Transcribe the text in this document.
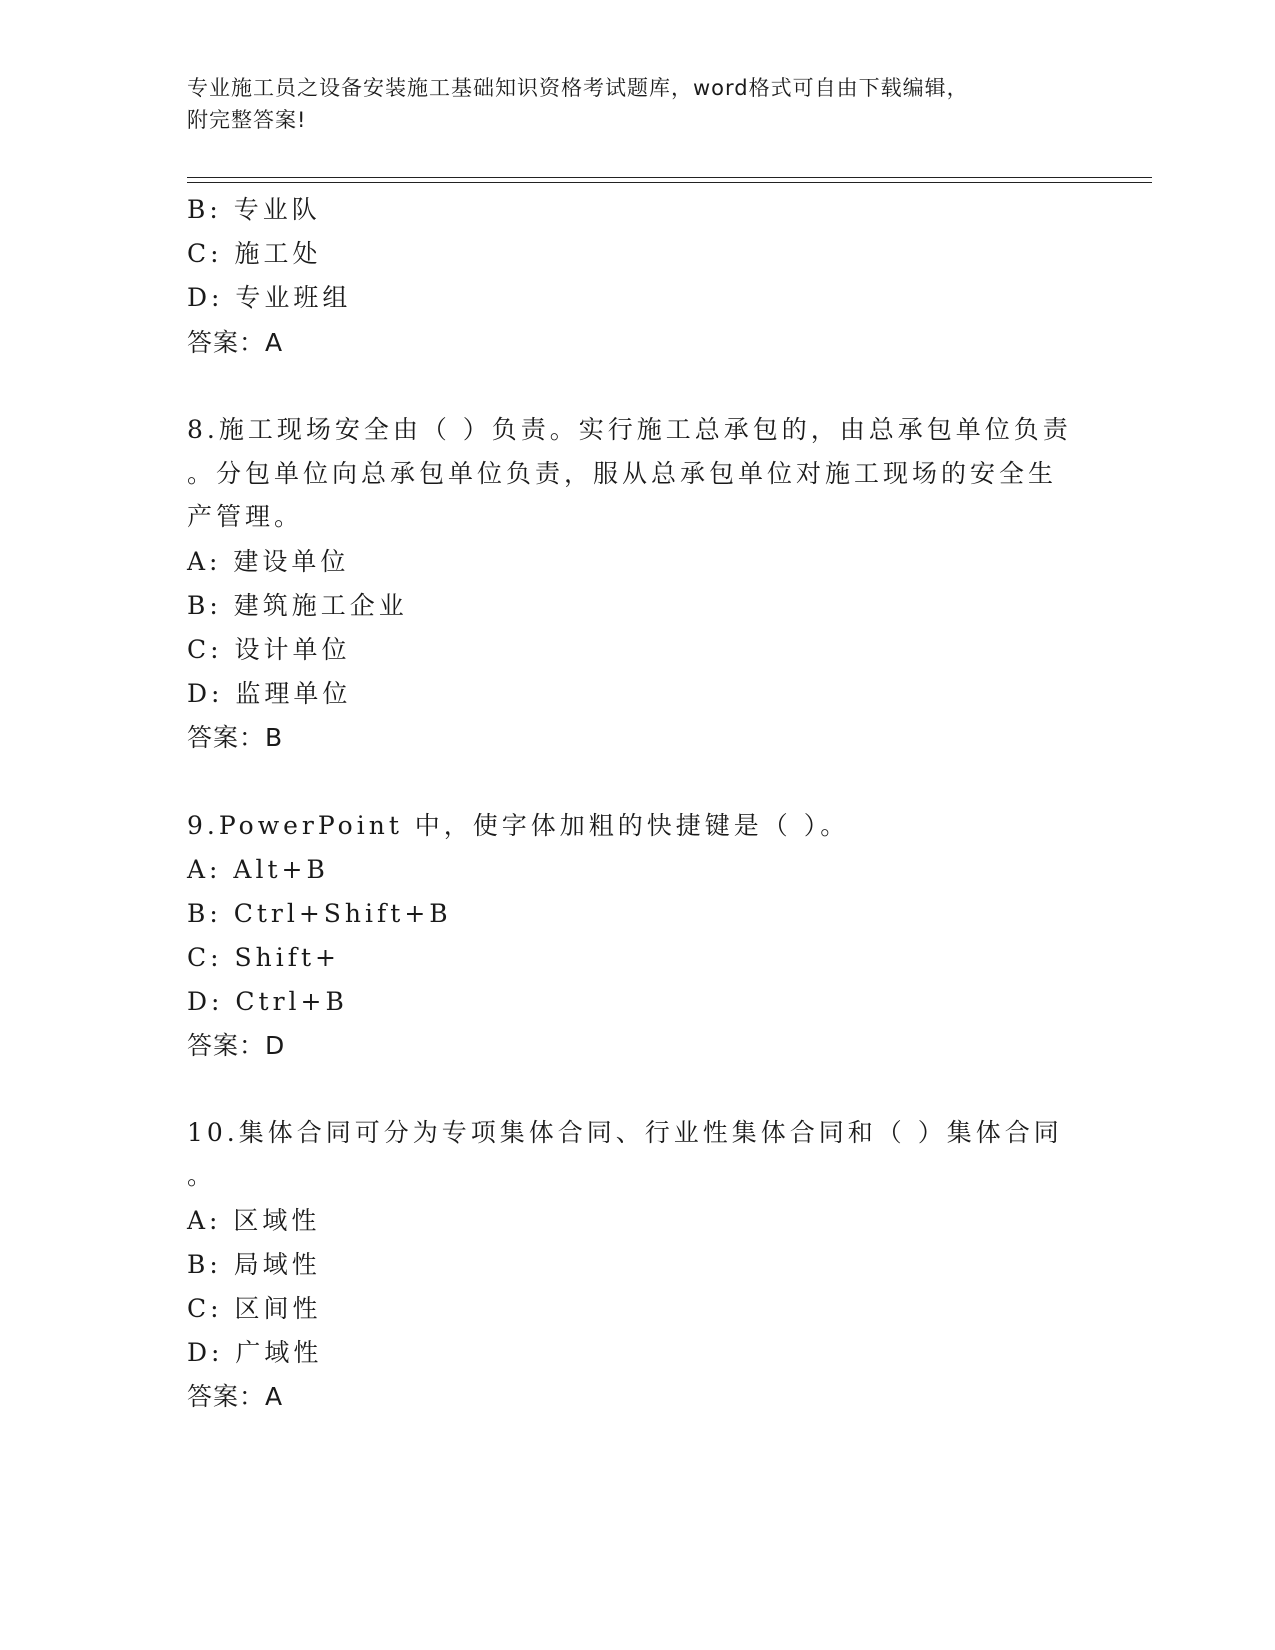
专业施工员之设备安装施工基础知识资格考试题库，word格式可自由下载编辑，
附完整答案!
B: 专业队
C: 施工处
D: 专业班组
答案：A
8.施工现场安全由（ ）负责。实行施工总承包的，由总承包单位负责
。分包单位向总承包单位负责，服从总承包单位对施工现场的安全生
产管理。
A: 建设单位
B: 建筑施工企业
C: 设计单位
D: 监理单位
答案：B
9.PowerPoint 中，使字体加粗的快捷键是（ ）。
A: Alt+B
B: Ctrl+Shift+B
C: Shift+
D: Ctrl+B
答案：D
10.集体合同可分为专项集体合同、行业性集体合同和（ ）集体合同
。
A: 区域性
B: 局域性
C: 区间性
D: 广域性
答案：A
